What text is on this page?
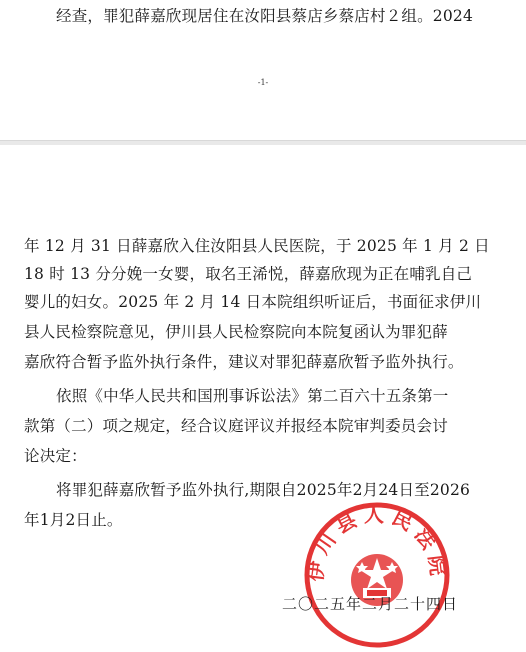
经查，罪犯薛嘉欣现居住在汝阳县蔡店乡蔡店村２组。2024
-1-
年 12 月 31 日薛嘉欣入住汝阳县人民医院，于 2025 年 1 月 2 日
18 时 13 分分娩一女婴，取名王浠悦，薛嘉欣现为正在哺乳自己
婴儿的妇女。2025 年 2 月 14 日本院组织听证后，书面征求伊川
县人民检察院意见，伊川县人民检察院向本院复函认为罪犯薛
嘉欣符合暂予监外执行条件，建议对罪犯薛嘉欣暂予监外执行。
依照《中华人民共和国刑事诉讼法》第二百六十五条第一
款第（二）项之规定，经合议庭评议并报经本院审判委员会讨
论决定：
将罪犯薛嘉欣暂予监外执行,期限自2025年2月24日至2026
年1月2日止。
伊川县人民法院
二〇二五年二月二十四日
